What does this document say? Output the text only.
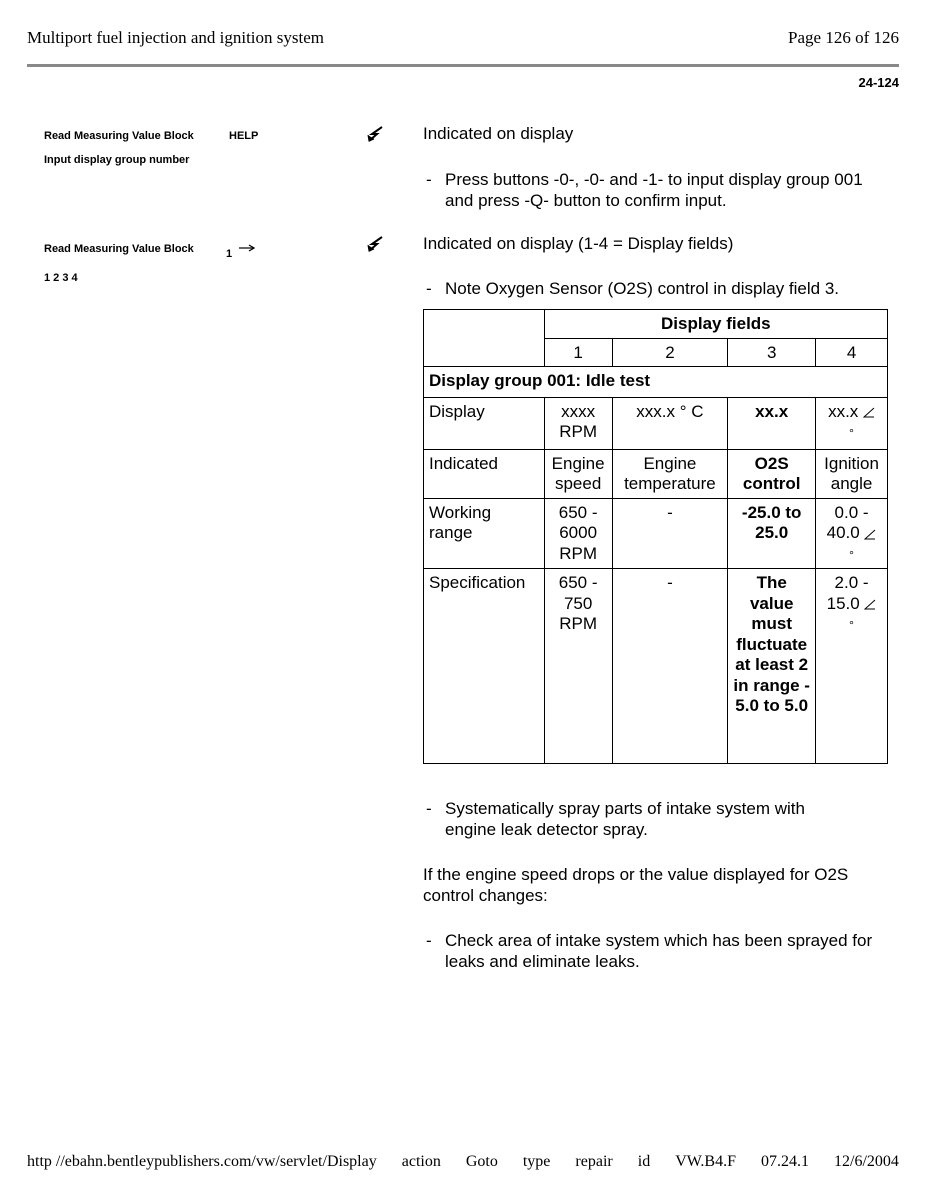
Multiport fuel injection and ignition system	Page 126 of 126
24-124
Read Measuring Value Block	HELP
Input display group number
Read Measuring Value Block	1
1 2 3 4
Indicated on display
- Press buttons -0-, -0- and -1- to input display group 001 and press -Q- button to confirm input.
Indicated on display (1-4 = Display fields)
- Note Oxygen Sensor (O2S) control in display field 3.
	Display fields			
	1	2	3	4
Display group 001: Idle test				
Display	xxxx RPM	xxx.x ° C	xx.x	xx.x
°
Indicated	Engine speed	Engine temperature	O2S control	Ignition angle
Working range	650 - 6000 RPM	-	-25.0 to 25.0	0.0 - 40.0
°
Specification	650 - 750 RPM	-	The value must fluctuate at least 2 in range - 5.0 to 5.0	2.0 - 15.0
°
- Systematically spray parts of intake system with engine leak detector spray.
If the engine speed drops or the value displayed for O2S control changes:
- Check area of intake system which has been sprayed for leaks and eliminate leaks.
http //ebahn.bentleypublishers.com/vw/servlet/Display action Goto type repair id VW.B4.F 07.24.1 12/6/2004
